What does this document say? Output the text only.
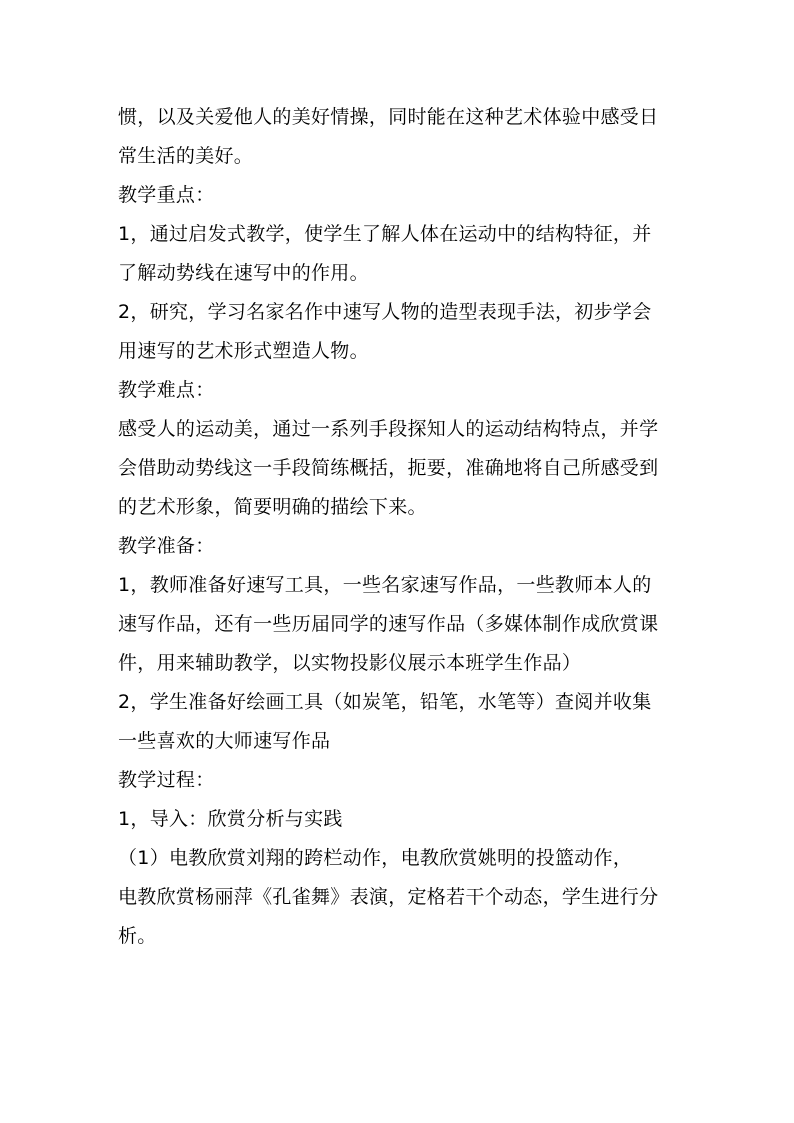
惯，以及关爱他人的美好情操，同时能在这种艺术体验中感受日
常生活的美好。
教学重点：
1，通过启发式教学，使学生了解人体在运动中的结构特征，并
了解动势线在速写中的作用。
2，研究，学习名家名作中速写人物的造型表现手法，初步学会
用速写的艺术形式塑造人物。
教学难点：
感受人的运动美，通过一系列手段探知人的运动结构特点，并学
会借助动势线这一手段简练概括，扼要，准确地将自己所感受到
的艺术形象，简要明确的描绘下来。
教学准备：
1，教师准备好速写工具，一些名家速写作品，一些教师本人的
速写作品，还有一些历届同学的速写作品（多媒体制作成欣赏课
件，用来辅助教学，以实物投影仪展示本班学生作品）
2，学生准备好绘画工具（如炭笔，铅笔，水笔等）查阅并收集
一些喜欢的大师速写作品
教学过程：
1，导入：欣赏分析与实践
（1）电教欣赏刘翔的跨栏动作，电教欣赏姚明的投篮动作，
电教欣赏杨丽萍《孔雀舞》表演，定格若干个动态，学生进行分
析。
